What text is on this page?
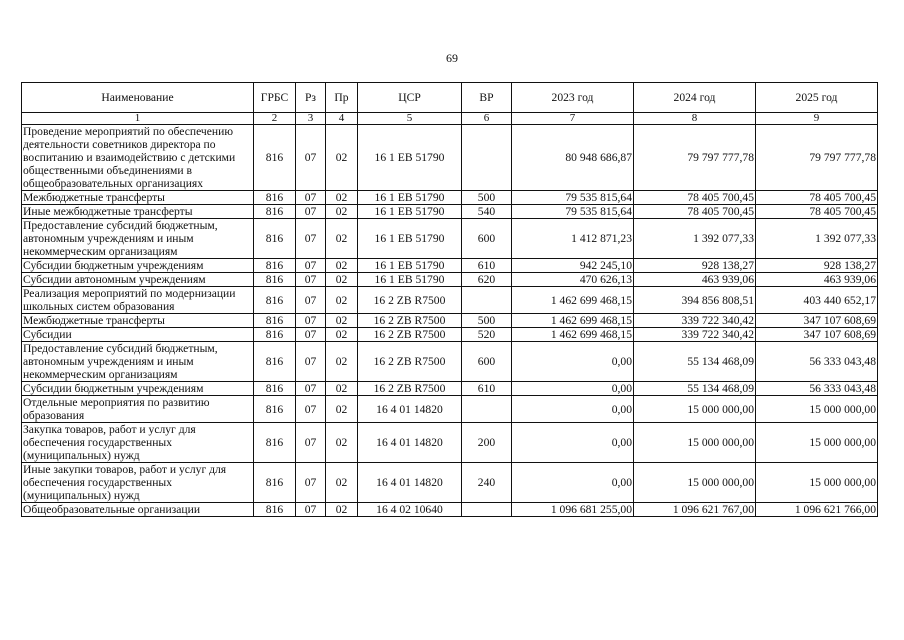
69
Наименование	ГРБС	Рз	Пр	ЦСР	ВР	2023 год	2024 год	2025 год
1	2	3	4	5	6	7	8	9
Проведение мероприятий по обеспечению деятельности советников директора по воспитанию и взаимодействию с детскими общественными объединениями в общеобразовательных организациях	816	07	02	16 1 ЕВ 51790		80 948 686,87	79 797 777,78	79 797 777,78
Межбюджетные трансферты	816	07	02	16 1 ЕВ 51790	500	79 535 815,64	78 405 700,45	78 405 700,45
Иные межбюджетные трансферты	816	07	02	16 1 ЕВ 51790	540	79 535 815,64	78 405 700,45	78 405 700,45
Предоставление субсидий бюджетным, автономным учреждениям и иным некоммерческим организациям	816	07	02	16 1 ЕВ 51790	600	1 412 871,23	1 392 077,33	1 392 077,33
Субсидии бюджетным учреждениям	816	07	02	16 1 ЕВ 51790	610	942 245,10	928 138,27	928 138,27
Субсидии автономным учреждениям	816	07	02	16 1 ЕВ 51790	620	470 626,13	463 939,06	463 939,06
Реализация мероприятий по модернизации школьных систем образования	816	07	02	16 2 ZB R7500		1 462 699 468,15	394 856 808,51	403 440 652,17
Межбюджетные трансферты	816	07	02	16 2 ZB R7500	500	1 462 699 468,15	339 722 340,42	347 107 608,69
Субсидии	816	07	02	16 2 ZB R7500	520	1 462 699 468,15	339 722 340,42	347 107 608,69
Предоставление субсидий бюджетным, автономным учреждениям и иным некоммерческим организациям	816	07	02	16 2 ZB R7500	600	0,00	55 134 468,09	56 333 043,48
Субсидии бюджетным учреждениям	816	07	02	16 2 ZB R7500	610	0,00	55 134 468,09	56 333 043,48
Отдельные мероприятия по развитию образования	816	07	02	16 4 01 14820		0,00	15 000 000,00	15 000 000,00
Закупка товаров, работ и услуг для обеспечения государственных (муниципальных) нужд	816	07	02	16 4 01 14820	200	0,00	15 000 000,00	15 000 000,00
Иные закупки товаров, работ и услуг для обеспечения государственных (муниципальных) нужд	816	07	02	16 4 01 14820	240	0,00	15 000 000,00	15 000 000,00
Общеобразовательные организации	816	07	02	16 4 02 10640		1 096 681 255,00	1 096 621 767,00	1 096 621 766,00
